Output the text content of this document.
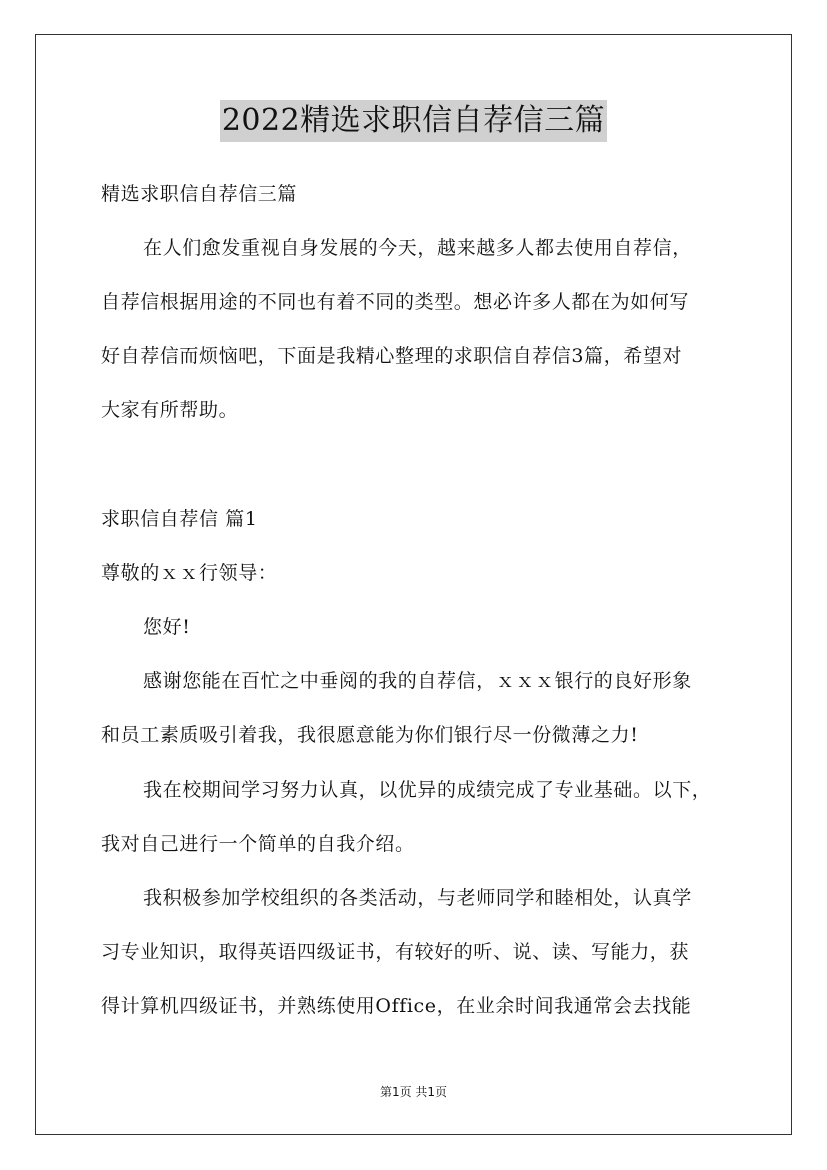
2022精选求职信自荐信三篇
精选求职信自荐信三篇
在人们愈发重视自身发展的今天，越来越多人都去使用自荐信，
自荐信根据用途的不同也有着不同的类型。想必许多人都在为如何写
好自荐信而烦恼吧，下面是我精心整理的求职信自荐信3篇，希望对
大家有所帮助。
求职信自荐信 篇1
尊敬的ｘｘ行领导：
您好!
感谢您能在百忙之中垂阅的我的自荐信，ｘｘｘ银行的良好形象
和员工素质吸引着我，我很愿意能为你们银行尽一份微薄之力!
我在校期间学习努力认真，以优异的成绩完成了专业基础。以下，
我对自己进行一个简单的自我介绍。
我积极参加学校组织的各类活动，与老师同学和睦相处，认真学
习专业知识，取得英语四级证书，有较好的听、说、读、写能力，获
得计算机四级证书，并熟练使用Office，在业余时间我通常会去找能
第1页 共1页
